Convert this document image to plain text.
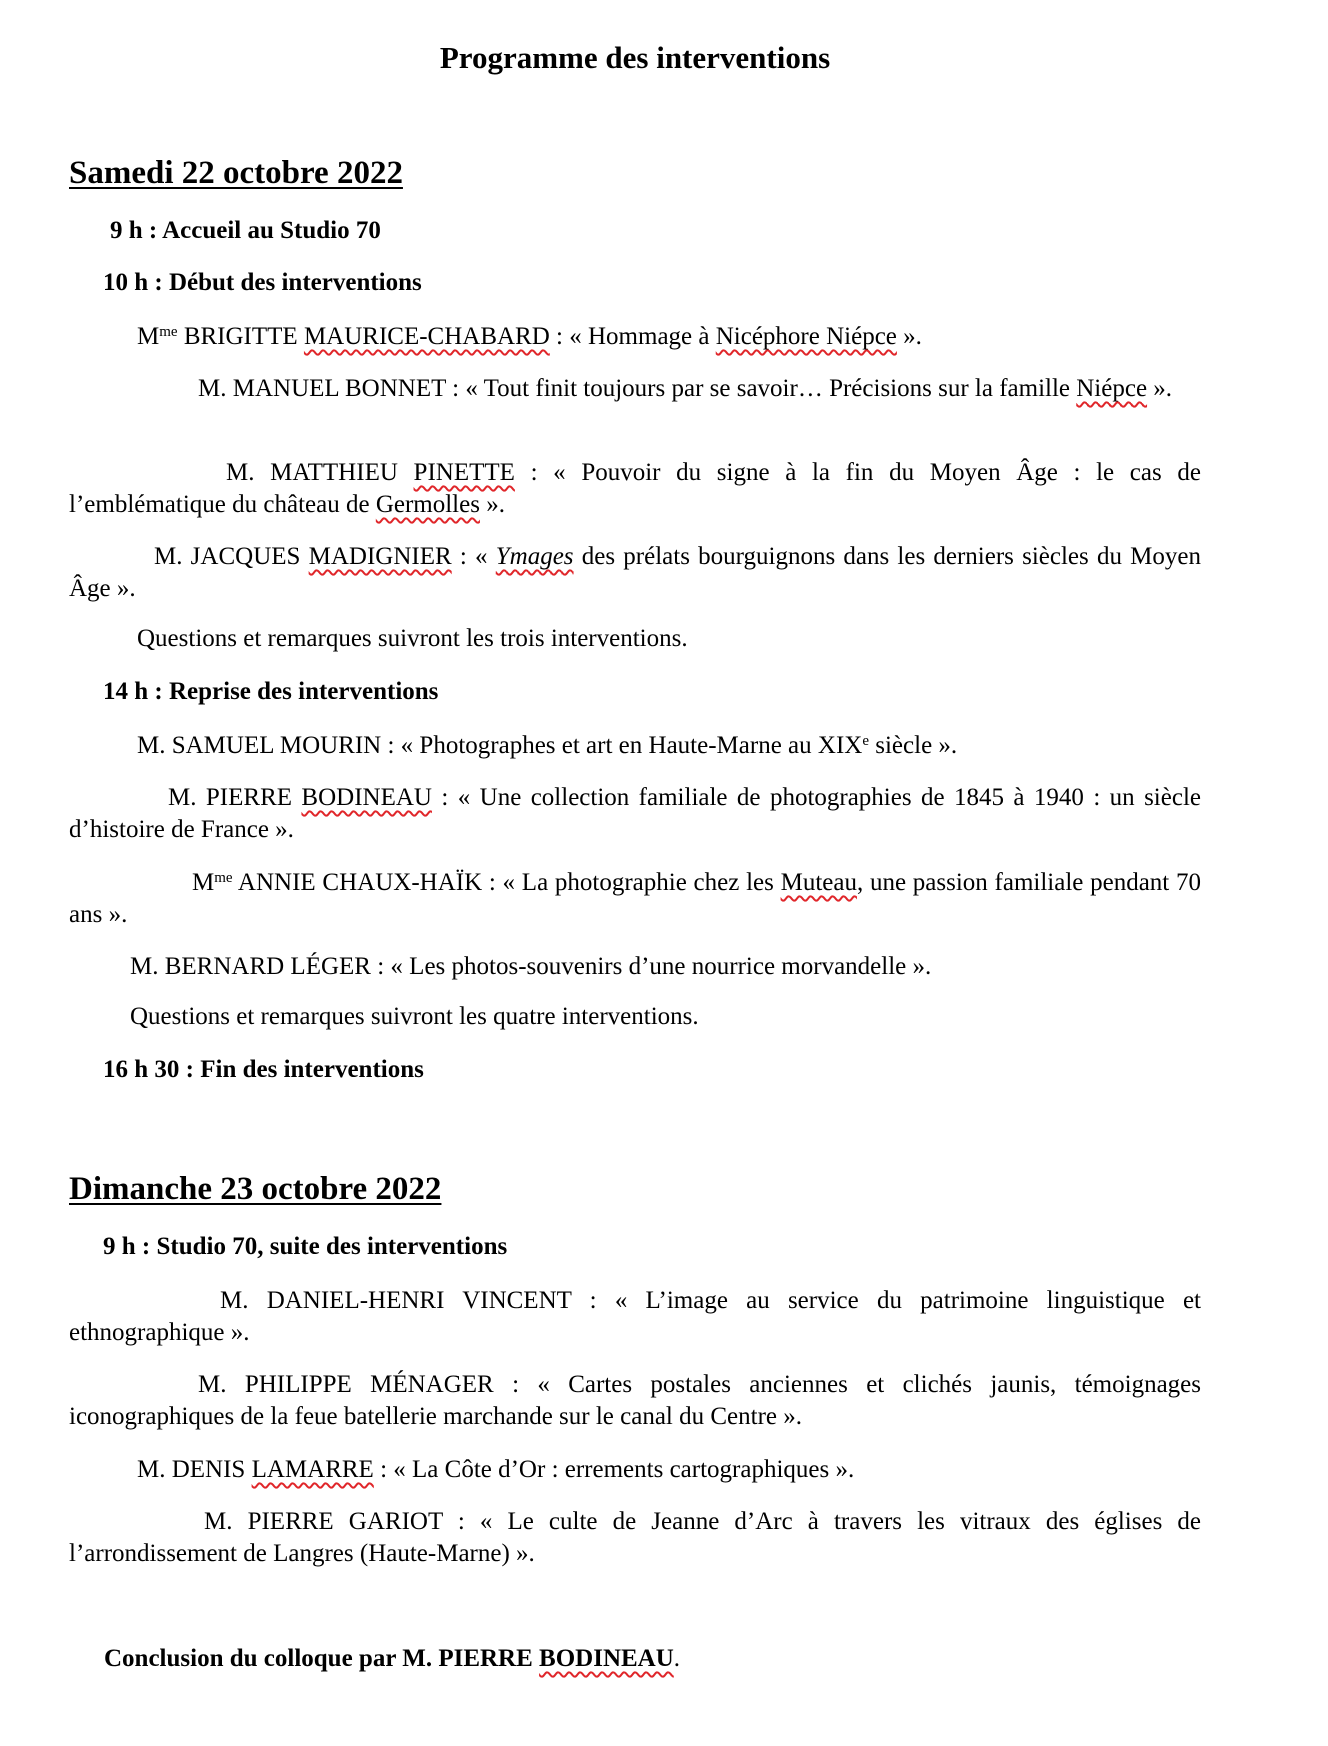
Programme des interventions
Samedi 22 octobre 2022
9 h : Accueil au Studio 70
10 h : Début des interventions
$M^{me}$ BRIGITTE MAURICE-CHABARD : « Hommage à Nicéphore Niépce ».
M. MANUEL BONNET : « Tout finit toujours par se savoir… Précisions sur la famille Niépce ».
M. MATTHIEU PINETTE : « Pouvoir du signe à la fin du Moyen Âge : le cas de l’emblématique du château de Germolles ».
M. JACQUES MADIGNIER : « Ymages des prélats bourguignons dans les derniers siècles du Moyen Âge ».
Questions et remarques suivront les trois interventions.
14 h : Reprise des interventions
M. SAMUEL MOURIN : « Photographes et art en Haute-Marne au XIXe siècle ».
M. PIERRE BODINEAU : « Une collection familiale de photographies de 1845 à 1940 : un siècle d’histoire de France ».
$M^{me}$ ANNIE CHAUX-HAÏK : « La photographie chez les Muteau, une passion familiale pendant 70 ans ».
M. BERNARD LÉGER : « Les photos-souvenirs d’une nourrice morvandelle ».
Questions et remarques suivront les quatre interventions.
16 h 30 : Fin des interventions
Dimanche 23 octobre 2022
9 h : Studio 70, suite des interventions
M. DANIEL-HENRI VINCENT : « L’image au service du patrimoine linguistique et ethnographique ».
M. PHILIPPE MÉNAGER : « Cartes postales anciennes et clichés jaunis, témoignages iconographiques de la feue batellerie marchande sur le canal du Centre ».
M. DENIS LAMARRE : « La Côte d’Or : errements cartographiques ».
M. PIERRE GARIOT : « Le culte de Jeanne d’Arc à travers les vitraux des églises de l’arrondissement de Langres (Haute-Marne) ».
Conclusion du colloque par M. PIERRE BODINEAU.
